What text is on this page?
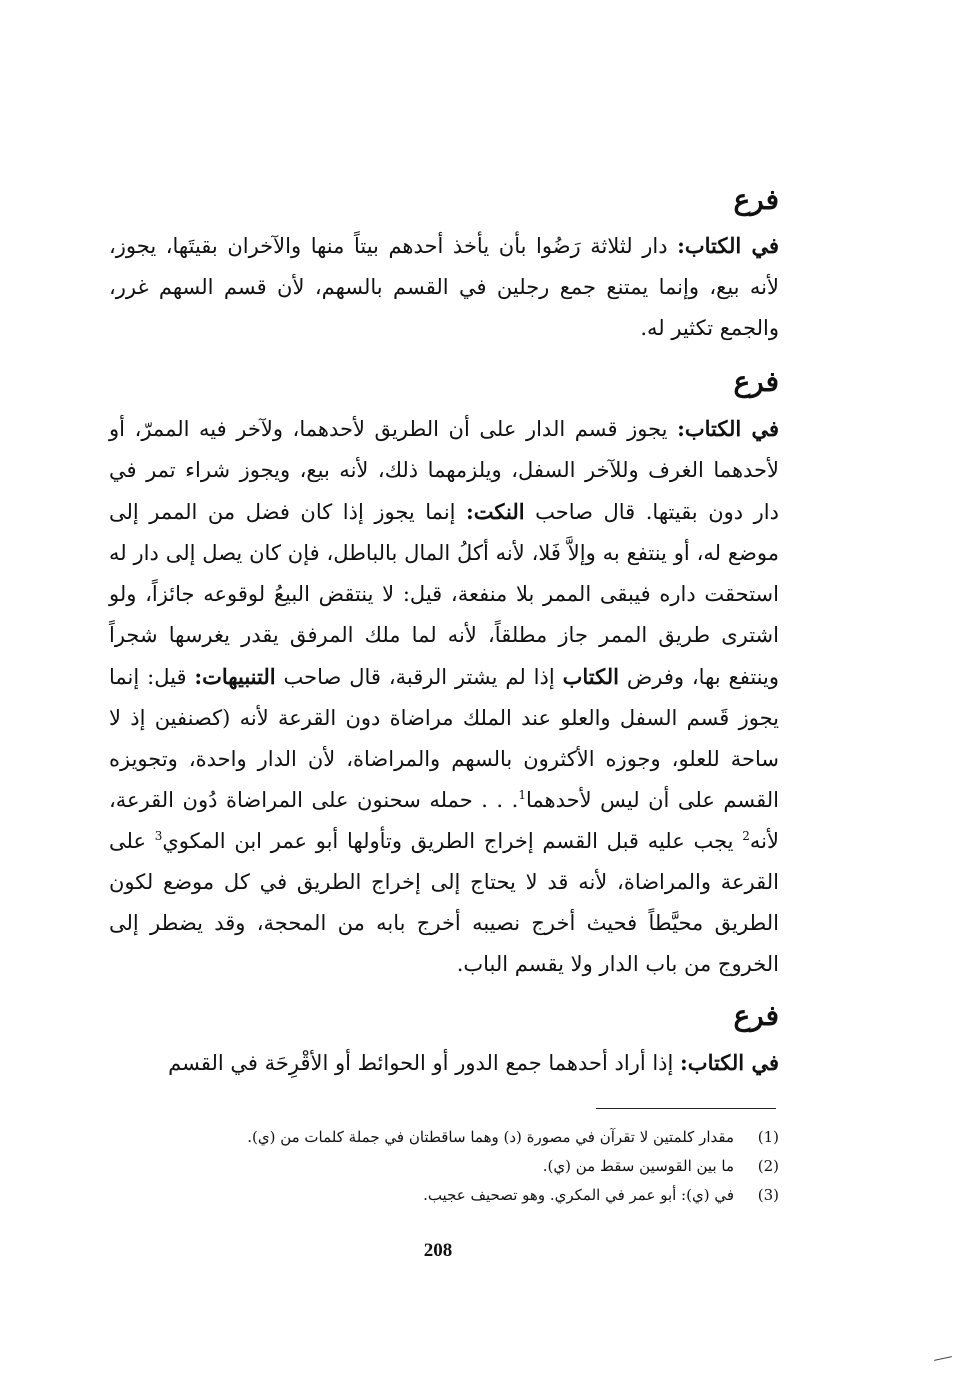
فرع
في الكتاب: دار لثلاثة رَضُوا بأن يأخذ أحدهم بيتاً منها والآخران بقيتَها، يجوز، لأنه بيع، وإنما يمتنع جمع رجلين في القسم بالسهم، لأن قسم السهم غرر، والجمع تكثير له.
فرع
في الكتاب: يجوز قسم الدار على أن الطريق لأحدهما، ولآخر فيه الممرّ، أو لأحدهما الغرف وللآخر السفل، ويلزمهما ذلك، لأنه بيع، ويجوز شراء تمر في دار دون بقيتها. قال صاحب النكت: إنما يجوز إذا كان فضل من الممر إلى موضع له، أو ينتفع به وإلاَّ فَلا، لأنه أكلُ المال بالباطل، فإن كان يصل إلى دار له استحقت داره فيبقى الممر بلا منفعة، قيل: لا ينتقض البيعُ لوقوعه جائزاً، ولو اشترى طريق الممر جاز مطلقاً، لأنه لما ملك المرفق يقدر يغرسها شجراً وينتفع بها، وفرض الكتاب إذا لم يشتر الرقبة، قال صاحب التنبيهات: قيل: إنما يجوز قَسم السفل والعلو عند الملك مراضاة دون القرعة لأنه (كصنفين إذ لا ساحة للعلو، وجوزه الأكثرون بالسهم والمراضاة، لأن الدار واحدة، وتجويزه القسم على أن ليس لأحدهما$^1$. . . حمله سحنون على المراضاة دُون القرعة، لأنه$^2$ يجب عليه قبل القسم إخراج الطريق وتأولها أبو عمر ابن المكوي$^3$ على القرعة والمراضاة، لأنه قد لا يحتاج إلى إخراج الطريق في كل موضع لكون الطريق محيَّطاً فحيث أخرج نصيبه أخرج بابه من المحجة، وقد يضطر إلى الخروج من باب الدار ولا يقسم الباب.
فرع
في الكتاب: إذا أراد أحدهما جمع الدور أو الحوائط أو الأقْرِحَة في القسم
(1)
مقدار كلمتين لا تقرآن في مصورة (د) وهما ساقطتان في جملة كلمات من (ي).
(2)
ما بين القوسين سقط من (ي).
(3)
في (ي): أبو عمر في المكري. وهو تصحيف عجيب.
208
